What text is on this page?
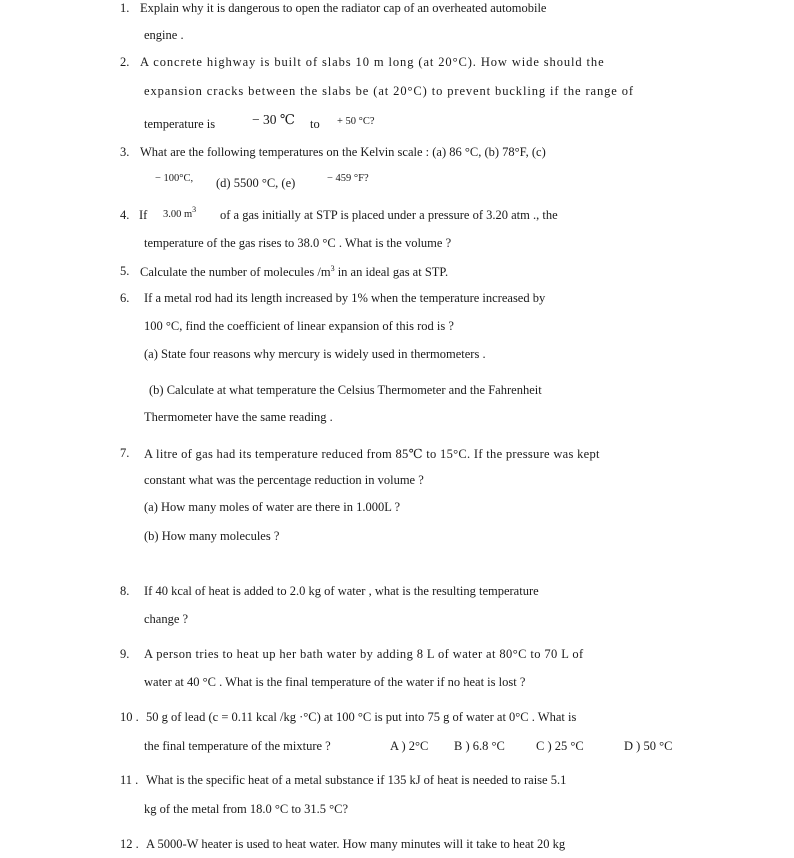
1. Explain why it is dangerous to open the radiator cap of an overheated automobile
engine .
2. A concrete highway is built of slabs 10 m long (at 20°C). How wide should the
expansion cracks between the slabs be (at 20°C) to prevent buckling if the range of
temperature is	− 30 ℃ to + 50 °C?
3. What are the following temperatures on the Kelvin scale : (a) 86 °C, (b) 78°F, (c)
− 100°C, (d) 5500 °C, (e)	− 459 °F?
4. If 3.00 $m^3$ of a gas initially at STP is placed under a pressure of 3.20 atm ., the
temperature of the gas rises to 38.0 °C . What is the volume ?
5. Calculate the number of molecules $/m^3$ in an ideal gas at STP.
6. If a metal rod had its length increased by 1% when the temperature increased by
100 °C, find the coefficient of linear expansion of this rod is ?
(a) State four reasons why mercury is widely used in thermometers .
(b) Calculate at what temperature the Celsius Thermometer and the Fahrenheit
Thermometer have the same reading .
7. A litre of gas had its temperature reduced from 85℃ to 15°C. If the pressure was kept
constant what was the percentage reduction in volume ?
(a) How many moles of water are there in 1.000L ?
(b) How many molecules ?
8. If 40 kcal of heat is added to 2.0 kg of water , what is the resulting temperature
change ?
9. A person tries to heat up her bath water by adding 8 L of water at 80°C to 70 L of
water at 40 °C . What is the final temperature of the water if no heat is lost ?
10 . 50 g of lead (c = 0.11 kcal /kg ·°C) at 100 °C is put into 75 g of water at 0°C . What is
the final temperature of the mixture ?	A ) 2°C B ) 6.8 °C C ) 25 °C	D ) 50 °C
11 . What is the specific heat of a metal substance if 135 kJ of heat is needed to raise 5.1
kg of the metal from 18.0 °C to 31.5 °C?
12 . A 5000-W heater is used to heat water. How many minutes will it take to heat 20 kg
